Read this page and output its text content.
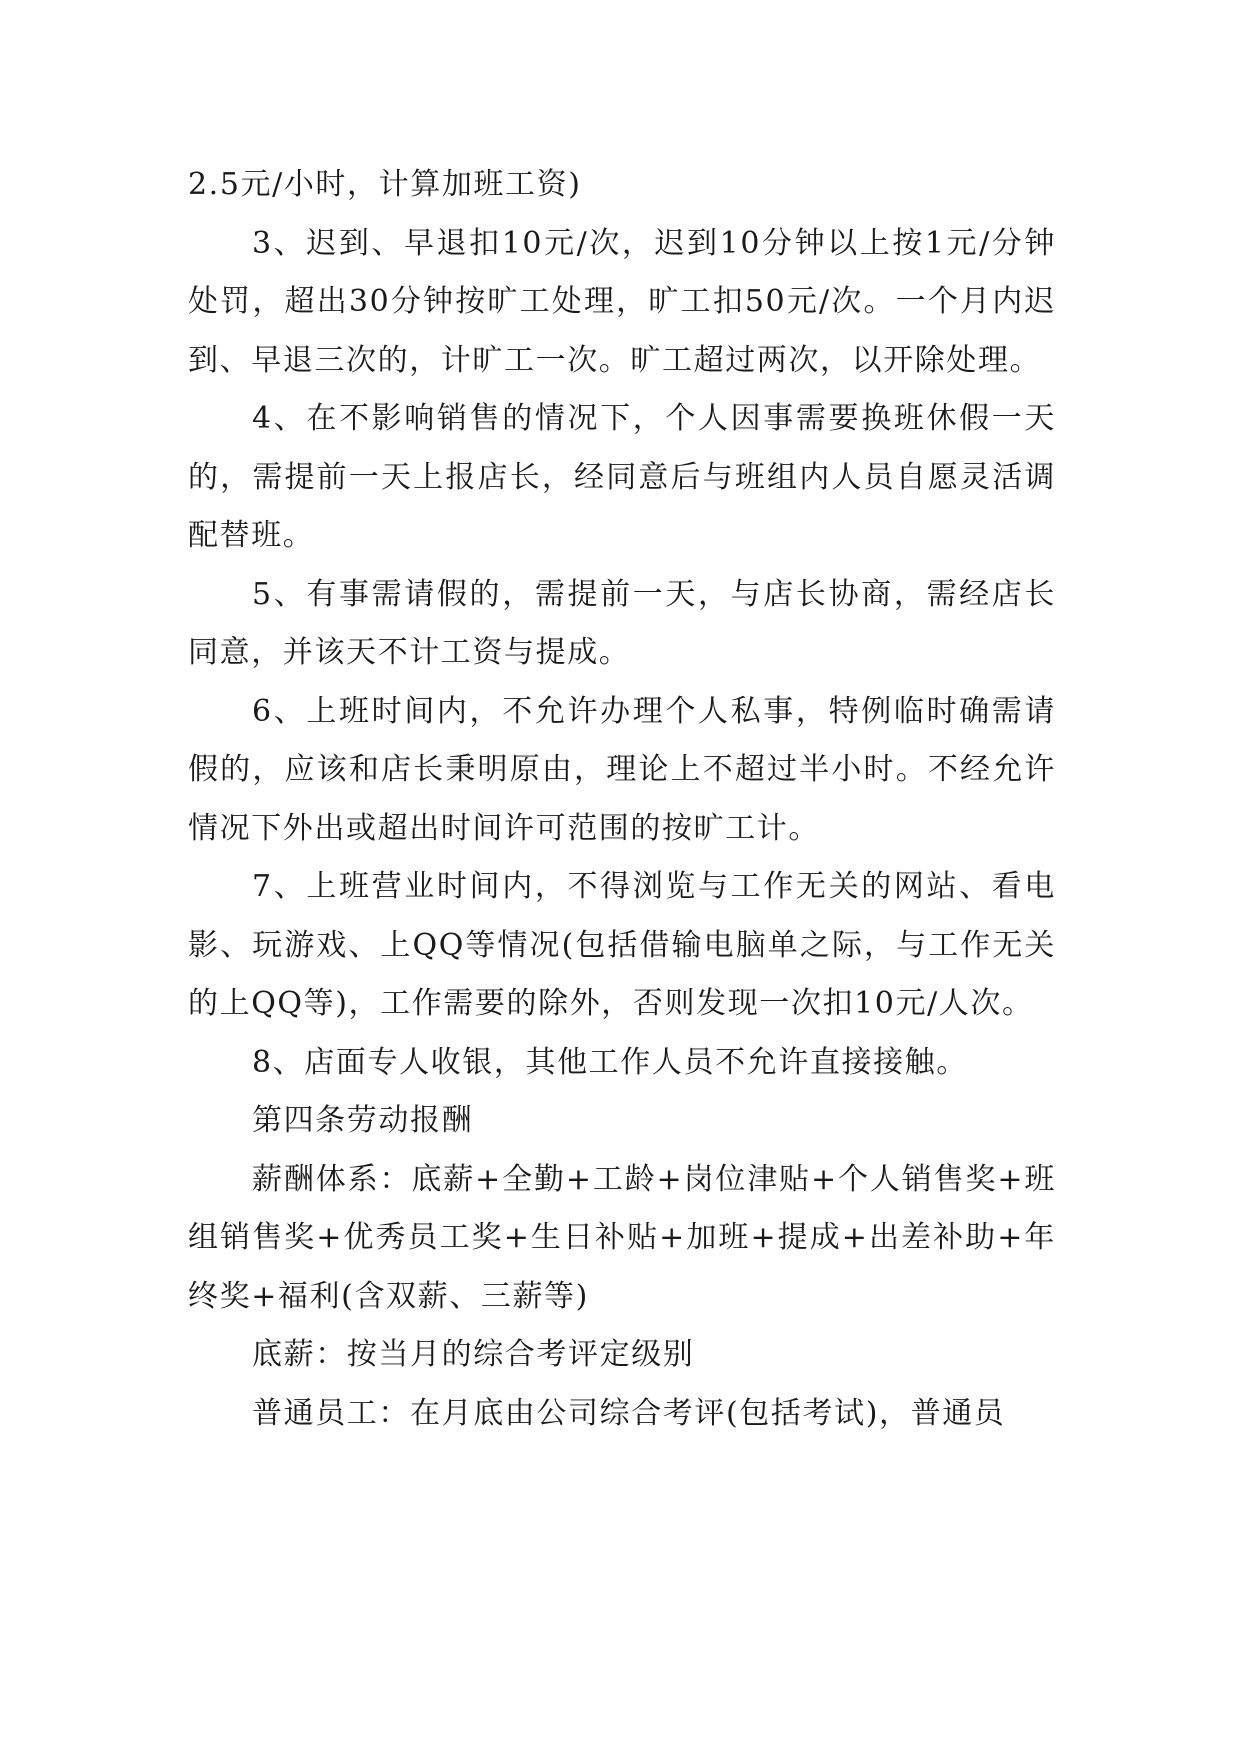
2.5元/小时，计算加班工资)

3、迟到、早退扣10元/次，迟到10分钟以上按1元/分钟处罚，超出30分钟按旷工处理，旷工扣50元/次。一个月内迟到、早退三次的，计旷工一次。旷工超过两次，以开除处理。

4、在不影响销售的情况下，个人因事需要换班休假一天的，需提前一天上报店长，经同意后与班组内人员自愿灵活调配替班。

5、有事需请假的，需提前一天，与店长协商，需经店长同意，并该天不计工资与提成。

6、上班时间内，不允许办理个人私事，特例临时确需请假的，应该和店长秉明原由，理论上不超过半小时。不经允许情况下外出或超出时间许可范围的按旷工计。

7、上班营业时间内，不得浏览与工作无关的网站、看电影、玩游戏、上QQ等情况(包括借输电脑单之际，与工作无关的上QQ等)，工作需要的除外，否则发现一次扣10元/人次。

8、店面专人收银，其他工作人员不允许直接接触。

第四条劳动报酬

薪酬体系：底薪+全勤+工龄+岗位津贴+个人销售奖+班组销售奖+优秀员工奖+生日补贴+加班+提成+出差补助+年终奖+福利(含双薪、三薪等)

底薪：按当月的综合考评定级别

普通员工：在月底由公司综合考评(包括考试)，普通员
